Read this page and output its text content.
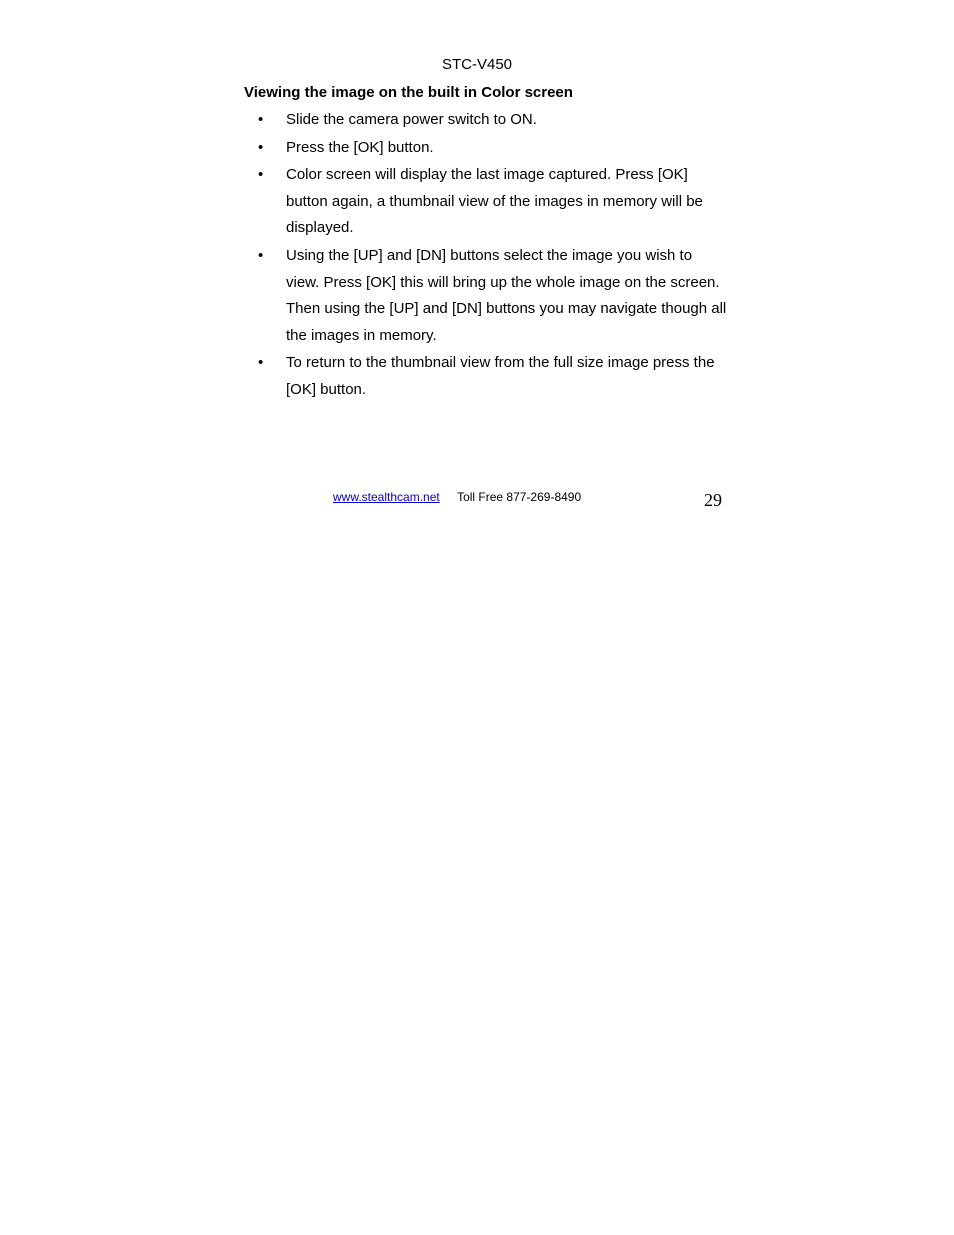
STC-V450
Viewing the image on the built in Color screen
• Slide the camera power switch to ON.
• Press the [OK] button.
• Color screen will display the last image captured. Press [OK] button again, a thumbnail view of the images in memory will be displayed.
• Using the [UP] and [DN] buttons select the image you wish to view. Press [OK] this will bring up the whole image on the screen. Then using the [UP] and [DN] buttons you may navigate though all the images in memory.
• To return to the thumbnail view from the full size image press the [OK] button.
www.stealthcam.net Toll Free 877-269-8490	29
